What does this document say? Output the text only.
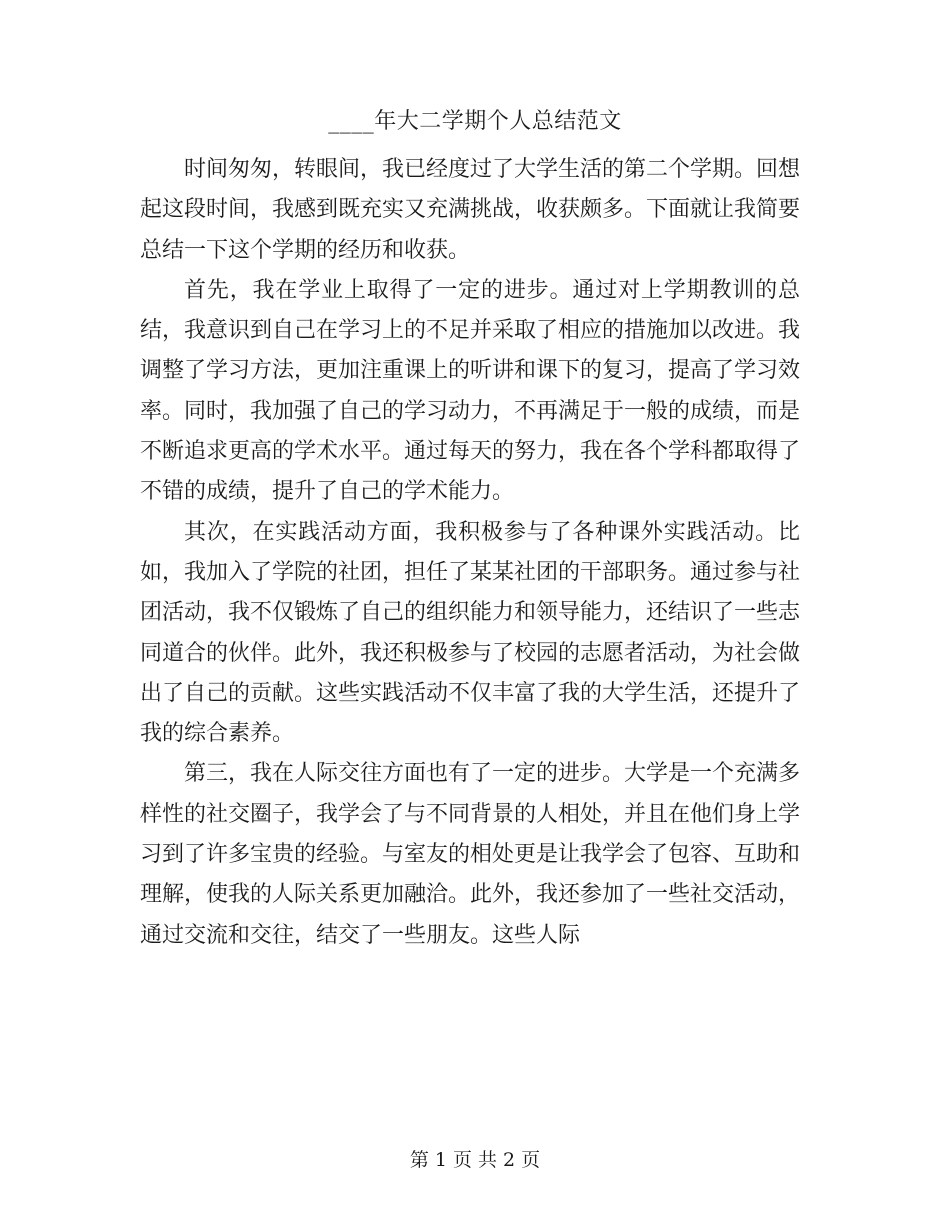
____年大二学期个人总结范文

时间匆匆，转眼间，我已经度过了大学生活的第二个学期。回想起这段时间，我感到既充实又充满挑战，收获颇多。下面就让我简要总结一下这个学期的经历和收获。

首先，我在学业上取得了一定的进步。通过对上学期教训的总结，我意识到自己在学习上的不足并采取了相应的措施加以改进。我调整了学习方法，更加注重课上的听讲和课下的复习，提高了学习效率。同时，我加强了自己的学习动力，不再满足于一般的成绩，而是不断追求更高的学术水平。通过每天的努力，我在各个学科都取得了不错的成绩，提升了自己的学术能力。

其次，在实践活动方面，我积极参与了各种课外实践活动。比如，我加入了学院的社团，担任了某某社团的干部职务。通过参与社团活动，我不仅锻炼了自己的组织能力和领导能力，还结识了一些志同道合的伙伴。此外，我还积极参与了校园的志愿者活动，为社会做出了自己的贡献。这些实践活动不仅丰富了我的大学生活，还提升了我的综合素养。

第三，我在人际交往方面也有了一定的进步。大学是一个充满多样性的社交圈子，我学会了与不同背景的人相处，并且在他们身上学习到了许多宝贵的经验。与室友的相处更是让我学会了包容、互助和理解，使我的人际关系更加融洽。此外，我还参加了一些社交活动，通过交流和交往，结交了一些朋友。这些人际

第 1 页 共 2 页
